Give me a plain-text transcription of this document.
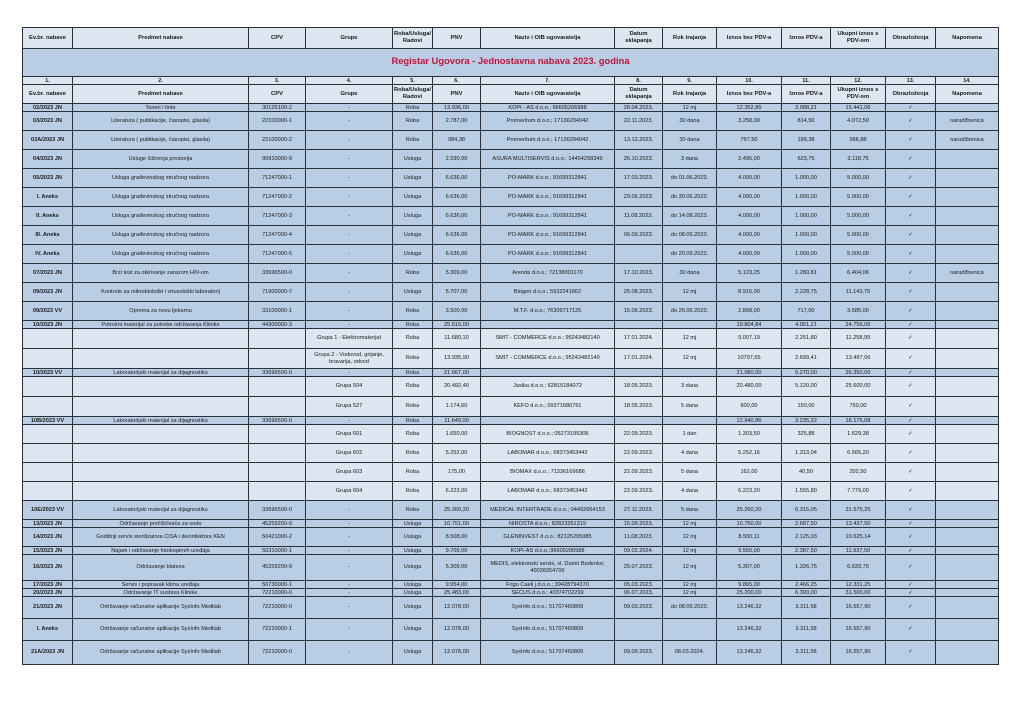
Ev.br. nabave	Predmet nabave	CPV	Grupe	Roba/Usluga/ Radovi	PNV	Naziv i OIB ugovaratelja	Datum sklapanja	Rok trajanja	Iznos bez PDV-a	Iznos PDV-a	Ukupni iznos s PDV-om	Obrazloženja	Napomena
Registar Ugovora - Jednostavna nabava 2023. godina													
1.	2.	3.	4.	5.	6.	7.	8.	9.	10.	11.	12.	13.	14.
Ev.br. nabave	Predmet nabave	CPV	Grupe	Roba/Usluga/ Radovi	PNV	Naziv i OIB ugovaratelja	Datum sklapanja	Rok trajanja	Iznos bez PDV-a	Iznos PDV-a	Ukupni iznos s PDV-om	Obrazloženja	Napomena
02/2023 JN	Toneri i tinte	30125100-2	-	Roba	13.936,00	KOPI - AS d.o.o.; 96605206988	28.04.2023.	12 mj	12.352,85	3.088,21	15.441,06	✓	
03/2023 JN	Literatura ( publikacije, časopisi, glasila)	22100000-1	-	Roba	2.787,00	Promeritum d.o.o.; 17136294042	22.11.2023.	30 dana	3.258,00	814,50	4.072,50	✓	narudžbenica
03A/2023 JN	Literatura ( publikacije, časopisi, glasila)	22100000-2	-	Roba	984,38	Promeritum d.o.o.; 17136294042	13.12.2023.	30 dana	797,50	199,38	996,88	✓	narudžbenica
04/2023 JN	Usluge čišćenja prostorija	90910000-9	-	Usluga	2.590,00	ASURA MULTISERVIS d.o.o.; 14454298349	26.10.2023.	3 dana	2.495,00	623,75	3.118,75	✓	
05/2023 JN	Usluga građevinskog stručnog nadzora	71247000-1	-	Usluga	6.636,00	PO-MARK d.o.o.; 91699312841	17.03.2023.	do 01.06.2023.	4.000,00	1.000,00	5.000,00	✓	
I. Aneks	Usluga građevinskog stručnog nadzora	71247000-2	-	Usluga	6.636,00	PO-MARK d.o.o.; 91699312841	29.06.2023.	do 30.06.2023.	4.000,00	1.000,00	5.000,00	✓	
II. Aneks	Usluga građevinskog stručnog nadzora	71247000-3	-	Usluga	6.636,00	PO-MARK d.o.o.; 91699312841	11.08.2023.	do 14.08.2023.	4.000,00	1.000,00	5.000,00	✓	
III. Aneks	Usluga građevinskog stručnog nadzora	71247000-4	-	Usluga	6.636,00	PO-MARK d.o.o.; 91699312841	06.09.2023.	do 08.09.2023.	4.000,00	1.000,00	5.000,00	✓	
IV. Aneks	Usluga građevinskog stručnog nadzora	71247000-5	-	Usluga	6.636,00	PO-MARK d.o.o.; 91699312841		do 20.09.2023.	4.000,00	1.000,00	5.000,00	✓	
07/2023 JN	Brzi test za otkrivanje zarazom HIV-om	33696500-0	-	Roba	5.309,00	Arenda d.o.o.; 72138001170	17.10.2023.	30 dana	5.123,25	1.280,81	6.404,06	✓	narudžbenica
09/2023 JN	Kontrole za mikrobiološki i virusološki laboratorij	71900000-7	-	Usluga	5.707,00	Biogen d.o.o.; 5932241862	25.08.2023.	12 mj	8.915,00	2.228,75	11.143,75	✓	
09/2023 VV	Oprema za novu ljekarnu	33100000-1	-	Roba	3.500,00	M.T.F. d.o.o.; 76309717125	15.06.2023.	do 26.06.2023.	2.868,00	717,00	3.585,00	✓	
10/2023 JN	Potrošni materijal za potrebe održavanja Klinike	44300000-3	-	Roba	25.616,00				19.804,84	4.951,21	24.756,05	✓	
			Grupa 1 - Elektromaterijal	Roba	11.680,10	SMIT - COMMERCE d.o.o.; 95243482140	17.01.2024.	12 mj	9.007,19	2.251,80	11.258,99	✓	
			Grupa 2 - Vodovod, grijanje, bravarija, odvod	Roba	13.935,90	SMIT - COMMERCE d.o.o.; 95243482140	17.01.2024.	12 mj	10797,65	2.699,41	13.497,06	✓	
10/2023 VV	Laboratorijski materijal za dijagnostiku	33696500-0	-	Roba	21.667,00				21.080,00	5.270,00	26.350,00	✓	
			Grupa 504	Roba	20.492,40	Jasika d.o.o.; 62815184072	18.05.2023.	3 dana	20.480,00	5.120,00	25.600,00	✓	
			Grupa 527	Roba	1.174,60	KEFO d.o.o.; 09371680761	18.05.2023.	5 dana	600,00	150,00	750,00	✓	
10B/2023 VV	Laboratorijski materijal za dijagnostiku	33696500-0	-	Roba	11.649,00				12.940,86	3.235,22	16.176,08	✓	
			Grupa 601	Roba	1.650,00	BIOGNOST d.o.o.; 05273195306	22.09.2023.	1 dan	1.303,50	325,88	1.629,38	✓	
			Grupa 602	Roba	5.252,00	LABOMAR d.o.o.; 68373453442	22.09.2023.	4 dana	5.252,16	1.313,04	6.565,20	✓	
			Grupa 603	Roba	175,00	BIOMAX d.o.o.; 71336169686	22.09.2023.	5 dana	162,00	40,50	202,50	✓	
			Grupa 604	Roba	6.223,00	LABOMAR d.o.o.; 68373453442	22.09.2023.	4 dana	6.223,20	1.555,80	7.779,00	✓	
10E/2023 VV	Laboratorijski materijal za dijagnostiku	33696500-0	-	Roba	25.260,20	MEDICAL INTERTRADE d.o.o.; 04492664153	27.11.2023.	5 dana	25.260,20	6.315,05	31.575,25	✓	
13/2023 JN	Održavanje pročišćivača za vodu	45259200-9	-	Usluga	10.751,00	NIROSTA d.o.o.; 82823351319	15.09.2023.	12 mj	10.750,00	2.687,50	13.437,50	✓	
14/2023 JN	Godišnji servis sterilizatora CISA i dezinfektora KEN	50421000-2	-	Usluga	8.508,00	GLENINVEST d.o.o.; 82125295985	11.08.2023.	12 mj	8.500,11	2.125,03	10.625,14	✓	
15/2023 JN	Najam i održavanje fotokopirnih uređaja	50310000-1	-	Usluga	9.709,00	KOPI-AS d.o.o.;96605206988	09.02.2024.	12 mj	9.550,00	2.387,50	11.937,50	✓	
16/2023 JN	Održavanje blatexa	45259200-9	-	Usluga	5.309,00	MEDIS, elektronski servis, vl. Damir Bedenko; 40028354706	25.07.2023.	12 mj	5.307,00	1.326,75	6.633,75	✓	
17/2023 JN	Servis i popravak klima uređaja	50730000-1	-	Usluga	9.954,00	Frigo Caeli j.d.o.o.; 39428794370	05.03.2023.	12 mj	9.865,00	2.466,25	12.331,25	✓	
20/2023 JN	Održavanje IT sustava Klinike	72210000-0	-	Usluga	25.483,00	SECUS d.o.o.; 40374702299	06.07.2023.	12 mj	25.200,00	6.300,00	31.500,00	✓	
21/2023 JN	Održavanje računalne aplikacije SysInfo Medilab	72210000-0	-	Usluga	12.078,00	SysInfo d.o.o.; 51707460809	09.03.2023.	do 08.09.2023.	13.246,32	3.311,58	16.557,90	✓	
I. Aneks	Održavanje računalne aplikacije SysInfo Medilab	72210000-1	-	Usluga	12.078,00	SysInfo d.o.o.; 51707460809			13.246,32	3.311,58	16.557,90	✓	
21A/2023 JN	Održavanje računalne aplikacije SysInfo Medilab	72210000-0	-	Usluga	12.078,00	SysInfo d.o.o.; 51707460809	09.09.2023.	08.03.2024.	13.246,32	3.311,58	16.557,90	✓	
